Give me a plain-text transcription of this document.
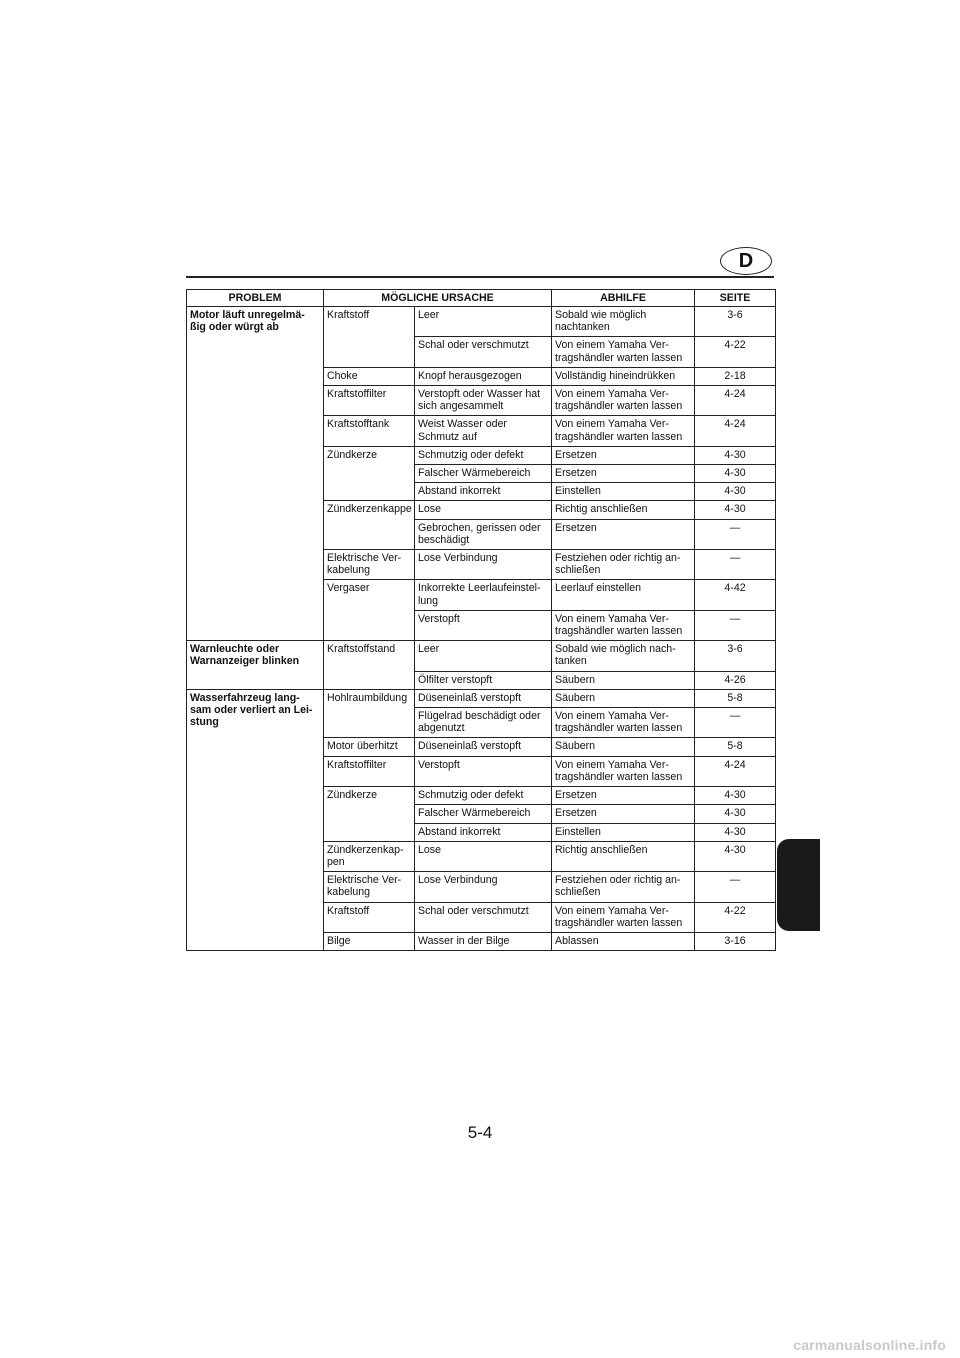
D
PROBLEM	MÖGLICHE URSACHE		ABHILFE	SEITE
Motor läuft unregelmä-ßig oder würgt ab	Kraftstoff	Leer	Sobald wie möglich nachtanken	3-6
		Schal oder verschmutzt	Von einem Yamaha Ver-tragshändler warten lassen	4-22
	Choke	Knopf herausgezogen	Vollständig hineindrükken	2-18
	Kraftstoffilter	Verstopft oder Wasser hat sich angesammelt	Von einem Yamaha Ver-tragshändler warten lassen	4-24
	Kraftstofftank	Weist Wasser oder Schmutz auf	Von einem Yamaha Ver-tragshändler warten lassen	4-24
	Zündkerze	Schmutzig oder defekt	Ersetzen	4-30
		Falscher Wärmebereich	Ersetzen	4-30
		Abstand inkorrekt	Einstellen	4-30
	Zündkerzenkappe	Lose	Richtig anschließen	4-30
		Gebrochen, gerissen oder beschädigt	Ersetzen	—
	Elektrische Ver-kabelung	Lose Verbindung	Festziehen oder richtig an-schließen	—
	Vergaser	Inkorrekte Leerlaufeinstel-lung	Leerlauf einstellen	4-42
		Verstopft	Von einem Yamaha Ver-tragshändler warten lassen	—
Warnleuchte oder Warnanzeiger blinken	Kraftstoffstand	Leer	Sobald wie möglich nach-tanken	3-6
		Ölfilter verstopft	Säubern	4-26
Wasserfahrzeug lang-sam oder verliert an Lei-stung	Hohlraumbildung	Düseneinlaß verstopft	Säubern	5-8
		Flügelrad beschädigt oder abgenutzt	Von einem Yamaha Ver-tragshändler warten lassen	—
	Motor überhitzt	Düseneinlaß verstopft	Säubern	5-8
	Kraftstoffilter	Verstopft	Von einem Yamaha Ver-tragshändler warten lassen	4-24
	Zündkerze	Schmutzig oder defekt	Ersetzen	4-30
		Falscher Wärmebereich	Ersetzen	4-30
		Abstand inkorrekt	Einstellen	4-30
	Zündkerzenkap-pen	Lose	Richtig anschließen	4-30
	Elektrische Ver-kabelung	Lose Verbindung	Festziehen oder richtig an-schließen	—
	Kraftstoff	Schal oder verschmutzt	Von einem Yamaha Ver-tragshändler warten lassen	4-22
	Bilge	Wasser in der Bilge	Ablassen	3-16
5-4
carmanualsonline.info
